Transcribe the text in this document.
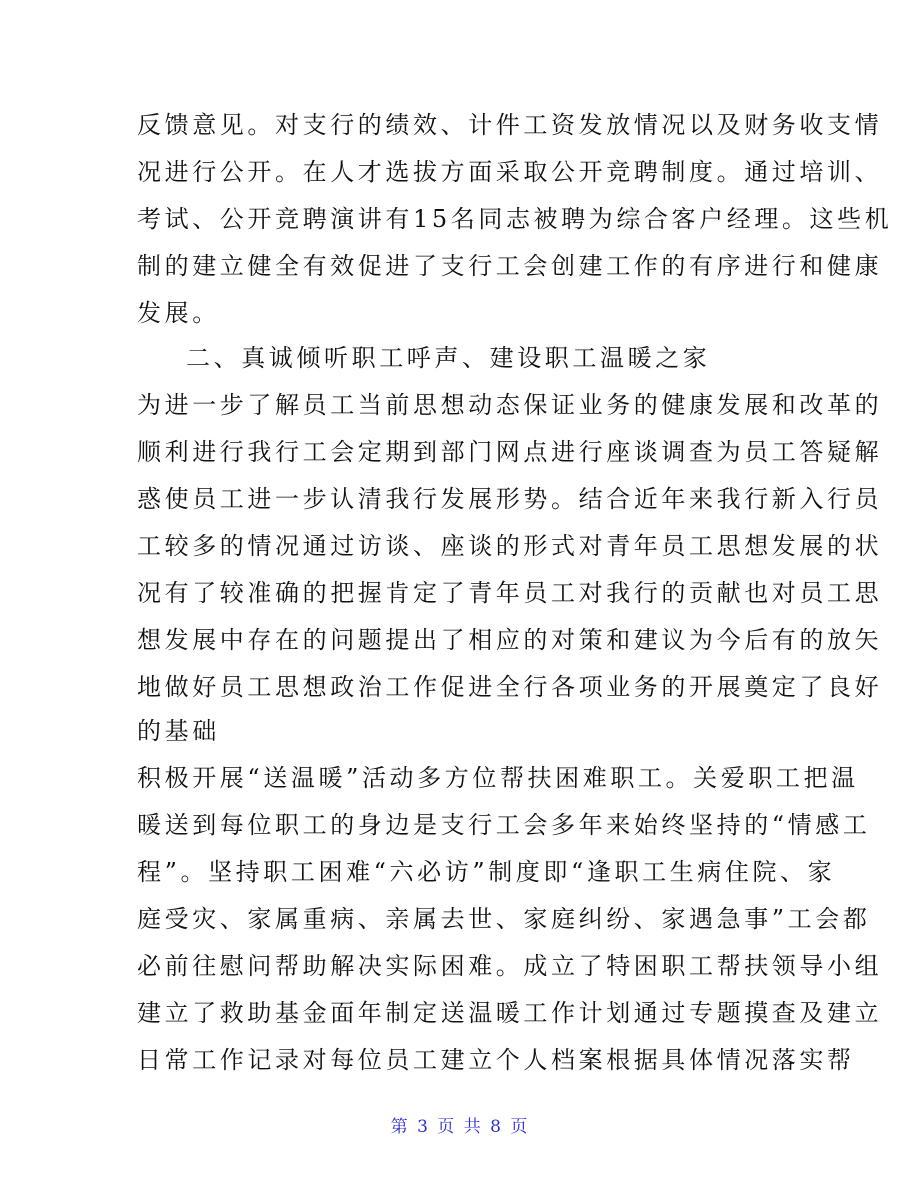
反馈意见。对支行的绩效、计件工资发放情况以及财务收支情
况进行公开。在人才选拔方面采取公开竞聘制度。通过培训、
考试、公开竞聘演讲有15名同志被聘为综合客户经理。这些机
制的建立健全有效促进了支行工会创建工作的有序进行和健康
发展。
二、真诚倾听职工呼声、建设职工温暖之家
为进一步了解员工当前思想动态保证业务的健康发展和改革的
顺利进行我行工会定期到部门网点进行座谈调查为员工答疑解
惑使员工进一步认清我行发展形势。结合近年来我行新入行员
工较多的情况通过访谈、座谈的形式对青年员工思想发展的状
况有了较准确的把握肯定了青年员工对我行的贡献也对员工思
想发展中存在的问题提出了相应的对策和建议为今后有的放矢
地做好员工思想政治工作促进全行各项业务的开展奠定了良好
的基础
积极开展“送温暖”活动多方位帮扶困难职工。关爱职工把温
暖送到每位职工的身边是支行工会多年来始终坚持的“情感工
程”。坚持职工困难“六必访”制度即“逢职工生病住院、家
庭受灾、家属重病、亲属去世、家庭纠纷、家遇急事”工会都
必前往慰问帮助解决实际困难。成立了特困职工帮扶领导小组
建立了救助基金面年制定送温暖工作计划通过专题摸查及建立
日常工作记录对每位员工建立个人档案根据具体情况落实帮
第 3 页 共 8 页
